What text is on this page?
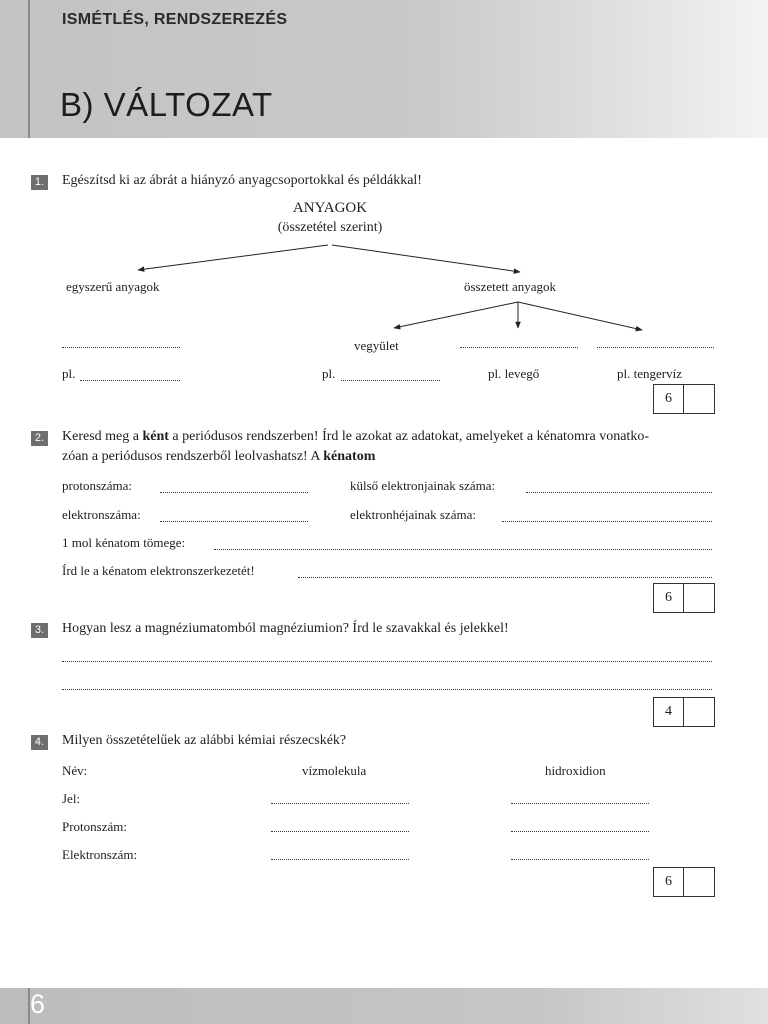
ISMÉTLÉS, RENDSZEREZÉS
B) VÁLTOZAT
1. Egészítsd ki az ábrát a hiányzó anyagcsoportokkal és példákkal!
ANYAGOK
(összetétel szerint)
egyszerű anyagok	összetett anyagok
vegyület
pl.	pl.	pl. levegő	pl. tengervíz
6
2. Keresd meg a ként a periódusos rendszerben! Írd le azokat az adatokat, amelyeket a kénatomra vonatko-
zóan a periódusos rendszerből leolvashatsz! A kénatom
protonszáma:	külső elektronjainak száma:
elektronszáma:	elektronhéjainak száma:
1 mol kénatom tömege:
Írd le a kénatom elektronszerkezetét!
6
3. Hogyan lesz a magnéziumatomból magnéziumion? Írd le szavakkal és jelekkel!
4
4. Milyen összetételűek az alábbi kémiai részecskék?
Név:	vízmolekula	hidroxidion
Jel:
Protonszám:
Elektronszám:
6
6
